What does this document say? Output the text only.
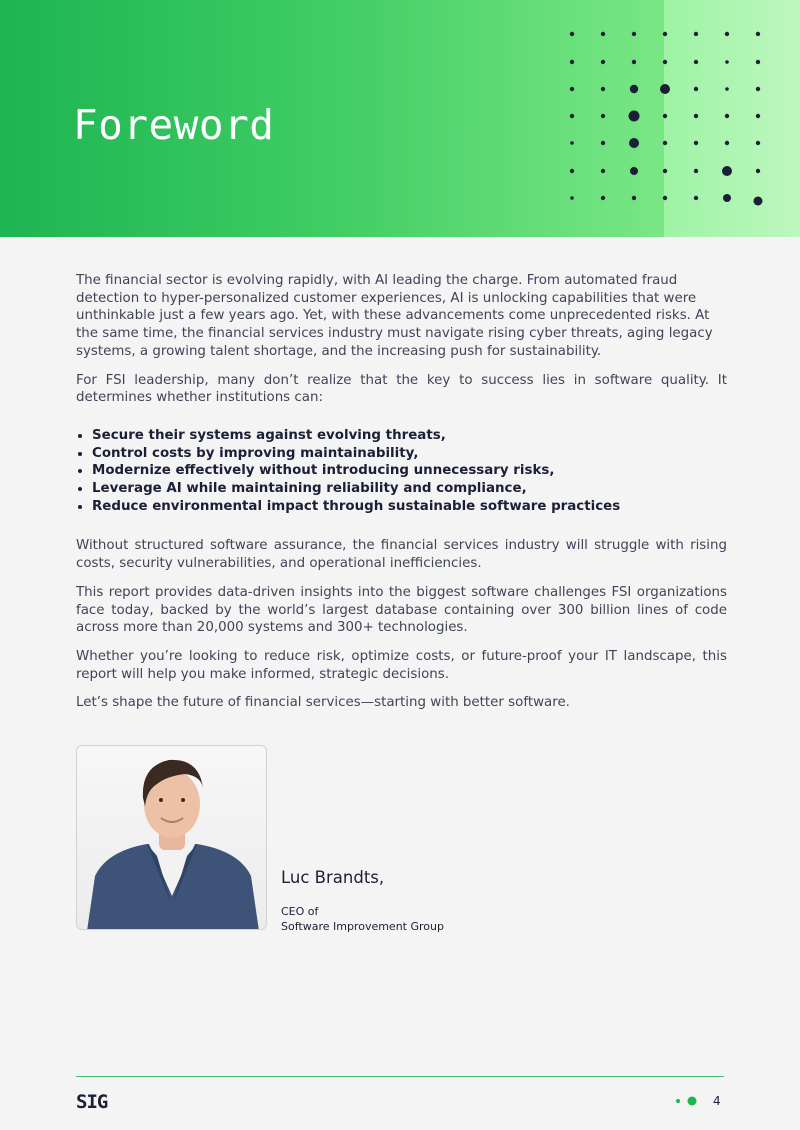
Foreword

The financial sector is evolving rapidly, with AI leading the charge. From automated fraud detection to hyper-personalized customer experiences, AI is unlocking capabilities that were unthinkable just a few years ago. Yet, with these advancements come unprecedented risks. At the same time, the financial services industry must navigate rising cyber threats, aging legacy systems, a growing talent shortage, and the increasing push for sustainability.

For FSI leadership, many don’t realize that the key to success lies in software quality. It determines whether institutions can:

Secure their systems against evolving threats,
Control costs by improving maintainability,
Modernize effectively without introducing unnecessary risks,
Leverage AI while maintaining reliability and compliance,
Reduce environmental impact through sustainable software practices

Without structured software assurance, the financial services industry will struggle with rising costs, security vulnerabilities, and operational inefficiencies.

This report provides data-driven insights into the biggest software challenges FSI organizations face today, backed by the world’s largest database containing over 300 billion lines of code across more than 20,000 systems and 300+ technologies.

Whether you’re looking to reduce risk, optimize costs, or future-proof your IT landscape, this report will help you make informed, strategic decisions.

Let’s shape the future of financial services—starting with better software.

Luc Brandts,
CEO of
Software Improvement Group
SIG	4
